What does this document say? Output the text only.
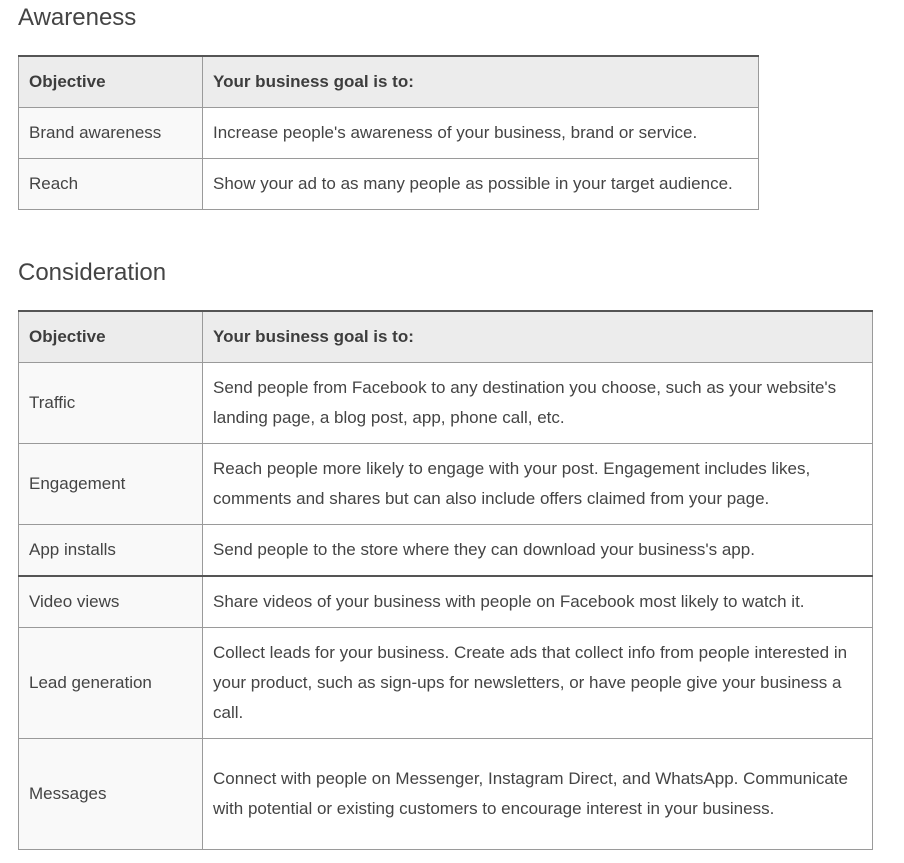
Awareness
Objective	Your business goal is to:
Brand awareness	Increase people's awareness of your business, brand or service.
Reach	Show your ad to as many people as possible in your target audience.
Consideration
Objective	Your business goal is to:
Traffic	Send people from Facebook to any destination you choose, such as your website's landing page, a blog post, app, phone call, etc.
Engagement	Reach people more likely to engage with your post. Engagement includes likes, comments and shares but can also include offers claimed from your page.
App installs	Send people to the store where they can download your business's app.
Video views	Share videos of your business with people on Facebook most likely to watch it.
Lead generation	Collect leads for your business. Create ads that collect info from people interested in your product, such as sign-ups for newsletters, or have people give your business a call.
Messages	Connect with people on Messenger, Instagram Direct, and WhatsApp. Communicate with potential or existing customers to encourage interest in your business.
